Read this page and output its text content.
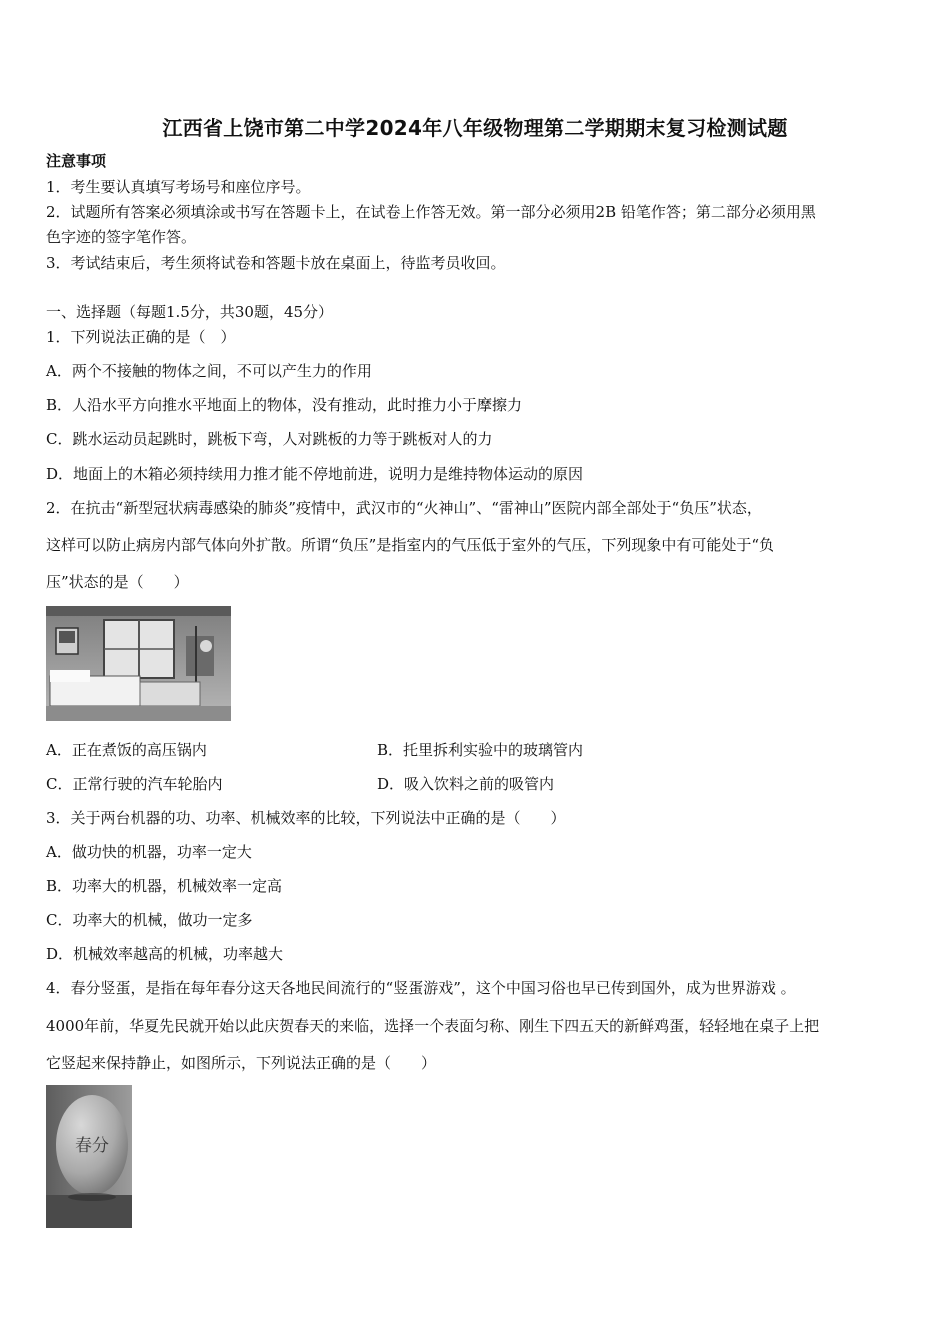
江西省上饶市第二中学2024年八年级物理第二学期期末复习检测试题
注意事项
1．考生要认真填写考场号和座位序号。
2．试题所有答案必须填涂或书写在答题卡上，在试卷上作答无效。第一部分必须用2B 铅笔作答；第二部分必须用黑
色字迹的签字笔作答。
3．考试结束后，考生须将试卷和答题卡放在桌面上，待监考员收回。
一、选择题（每题1.5分，共30题，45分）
1．下列说法正确的是（　）
A．两个不接触的物体之间，不可以产生力的作用
B．人沿水平方向推水平地面上的物体，没有推动，此时推力小于摩擦力
C．跳水运动员起跳时，跳板下弯，人对跳板的力等于跳板对人的力
D．地面上的木箱必须持续用力推才能不停地前进，说明力是维持物体运动的原因
2．在抗击“新型冠状病毒感染的肺炎”疫情中，武汉市的“火神山”、“雷神山”医院内部全部处于“负压”状态，
这样可以防止病房内部气体向外扩散。所谓“负压”是指室内的气压低于室外的气压，下列现象中有可能处于“负
压”状态的是（　　）
A．正在煮饭的高压锅内	B．托里拆利实验中的玻璃管内
C．正常行驶的汽车轮胎内	D．吸入饮料之前的吸管内
3．关于两台机器的功、功率、机械效率的比较，下列说法中正确的是（　　）
A．做功快的机器，功率一定大
B．功率大的机器，机械效率一定高
C．功率大的机械，做功一定多
D．机械效率越高的机械，功率越大
4．春分竖蛋，是指在每年春分这天各地民间流行的“竖蛋游戏”，这个中国习俗也早已传到国外，成为世界游戏 。
4000年前，华夏先民就开始以此庆贺春天的来临，选择一个表面匀称、刚生下四五天的新鲜鸡蛋，轻轻地在桌子上把
它竖起来保持静止，如图所示，下列说法正确的是（　　）
春分
